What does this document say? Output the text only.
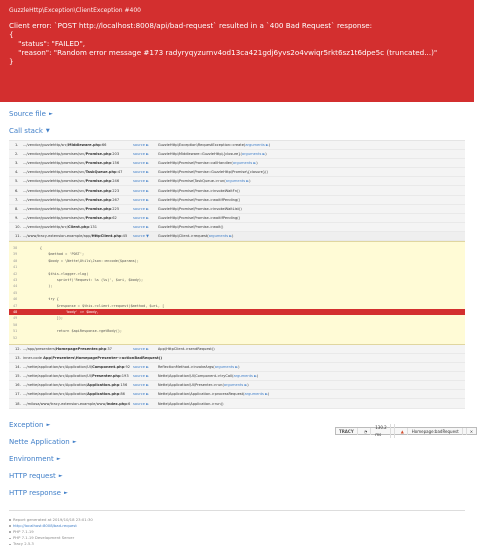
GuzzleHttp\Exception\ClientException #400
Client error: `POST http://localhost:8008/api/bad-request` resulted in a `400 Bad Request` response:
{
"status": "FAILED",
"reason": "Random error message #173 radyryqyzurnv4od13ca421gdj6yvs2o4vwiqr5rkt6sz1t6dpe5c (truncated...)"
}
Source file ►
Call stack ▼
1.	.../vendor/guzzlehttp/src/Middleware.php:66	source ►	GuzzleHttp\Exception\RequestException::create(arguments ►)
2.	.../vendor/guzzlehttp/promises/src/Promise.php:203	source ►	GuzzleHttp\Middleware::GuzzleHttp\{closure}(arguments ►)
3.	.../vendor/guzzlehttp/promises/src/Promise.php:156	source ►	GuzzleHttp\Promise\Promise::callHandler(arguments ►)
4.	.../vendor/guzzlehttp/promises/src/TaskQueue.php:47	source ►	GuzzleHttp\Promise\Promise::GuzzleHttp\Promise\{closure}()
5.	.../vendor/guzzlehttp/promises/src/Promise.php:246	source ►	GuzzleHttp\Promise\TaskQueue->run(arguments ►)
6.	.../vendor/guzzlehttp/promises/src/Promise.php:223	source ►	GuzzleHttp\Promise\Promise->invokeWaitFn()
7.	.../vendor/guzzlehttp/promises/src/Promise.php:267	source ►	GuzzleHttp\Promise\Promise->waitIfPending()
8.	.../vendor/guzzlehttp/promises/src/Promise.php:225	source ►	GuzzleHttp\Promise\Promise->invokeWaitList()
9.	.../vendor/guzzlehttp/promises/src/Promise.php:62	source ►	GuzzleHttp\Promise\Promise->waitIfPending()
10. .../vendor/guzzlehttp/src/Client.php:131	source ►	GuzzleHttp\Promise\Promise->wait()
11. .../www/tracy-extension-example/app/HttpClient.php:45	source ▼	GuzzleHttp\Client->request(arguments ►)
38        {
39            $method = 'POST';
40            $body = \Nette\Utils\Json::encode($params);
41
42            $this->logger->log(
43                sprintf('Request: %s (%s)', $uri, $body);
44            );
45
46            try {
47                $response = $this->client->request($method, $uri, [
48                    'body' => $body,
49                ]);
50
51                return $apiResponse->getBody();
52
12. .../app/presenters/HomepagePresenter.php:37	source ►	App\HttpClient->sendRequest()
13. inner-code App\Presenters\HomepagePresenter->actionBadRequest()
14. .../nette/application/src/Application/UI/Component.php:92 source ►	ReflectionMethod->invokeArgs(arguments ►)
15. .../nette/application/src/Application/UI/Presenter.php:193	source ►	Nette\Application\UI\Component->tryCall(arguments ►)
16. .../nette/application/src/Application/Application.php:156	source ►	Nette\Application\UI\Presenter->run(arguments ►)
17. .../nette/application/src/Application/Application.php:86	source ►	Nette\Application\Application->processRequest(arguments ►)
18. .../milosa/www/tracy-extension-example/www/index.php:6 source ►	Nette\Application\Application->run()
Exception ►
Nette Application ►
Environment ►
HTTP request ►
HTTP response ►
Report generated at 2019/10/18 23:01:30
http://localhost:8008/bad-request
PHP 7.1.19
PHP 7.1.19 Development Server
Tracy 2.5.3
TRACY	◔
130.2 ms
▲	Homepage:badRequest	×
